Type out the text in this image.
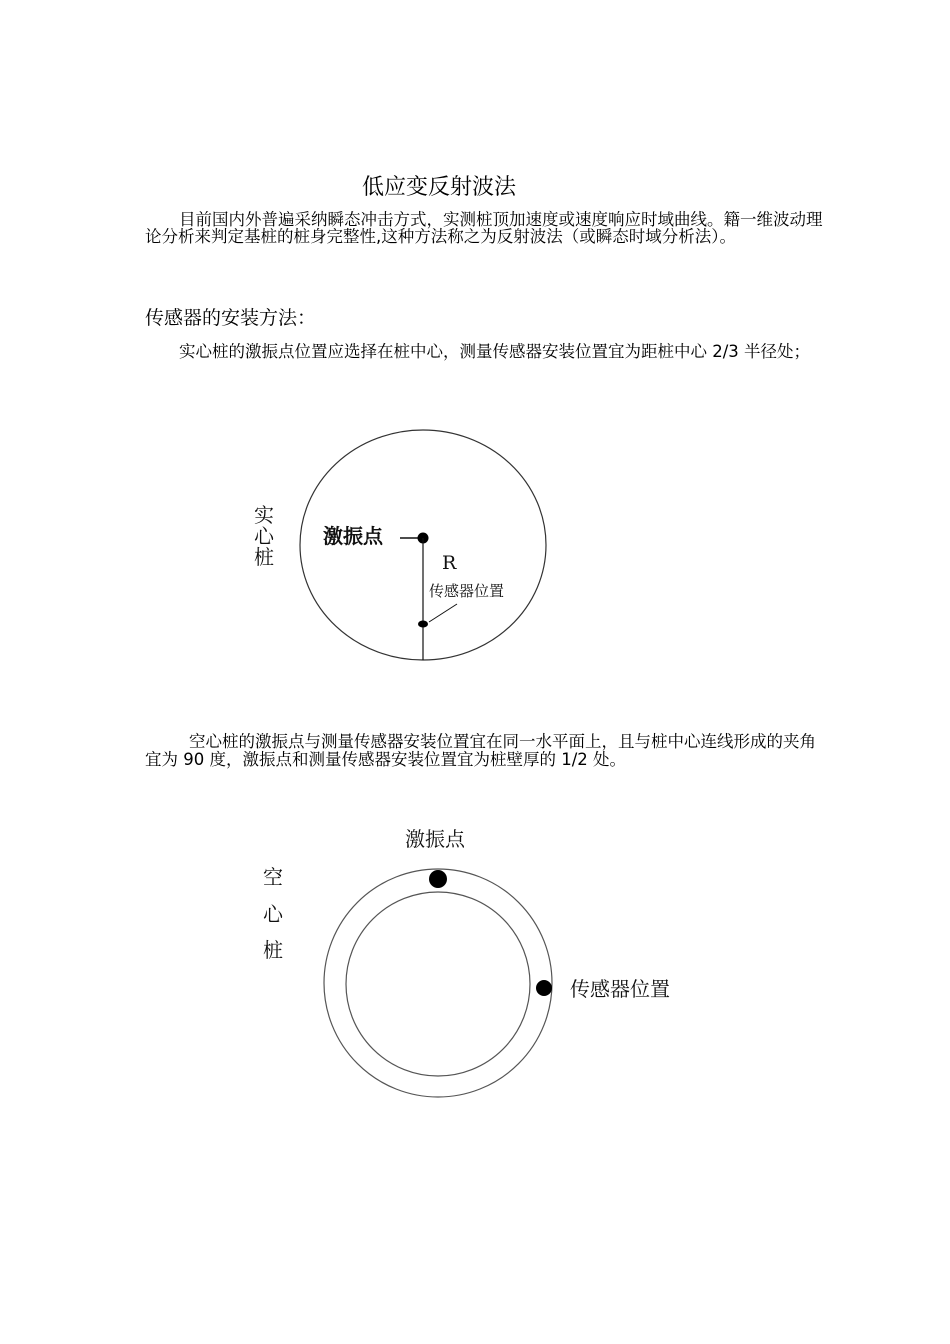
低应变反射波法
目前国内外普遍采纳瞬态冲击方式，实测桩顶加速度或速度响应时域曲线。籍一维波动理论分析来判定基桩的桩身完整性,这种方法称之为反射波法（或瞬态时域分析法）。
传感器的安装方法：
实心桩的激振点位置应选择在桩中心，测量传感器安装位置宜为距桩中心 2/3 半径处；
实
心
桩
激振点
R
传感器位置
空心桩的激振点与测量传感器安装位置宜在同一水平面上，且与桩中心连线形成的夹角宜为 90 度，激振点和测量传感器安装位置宜为桩壁厚的 1/2 处。
空
心
桩
激振点
传感器位置
